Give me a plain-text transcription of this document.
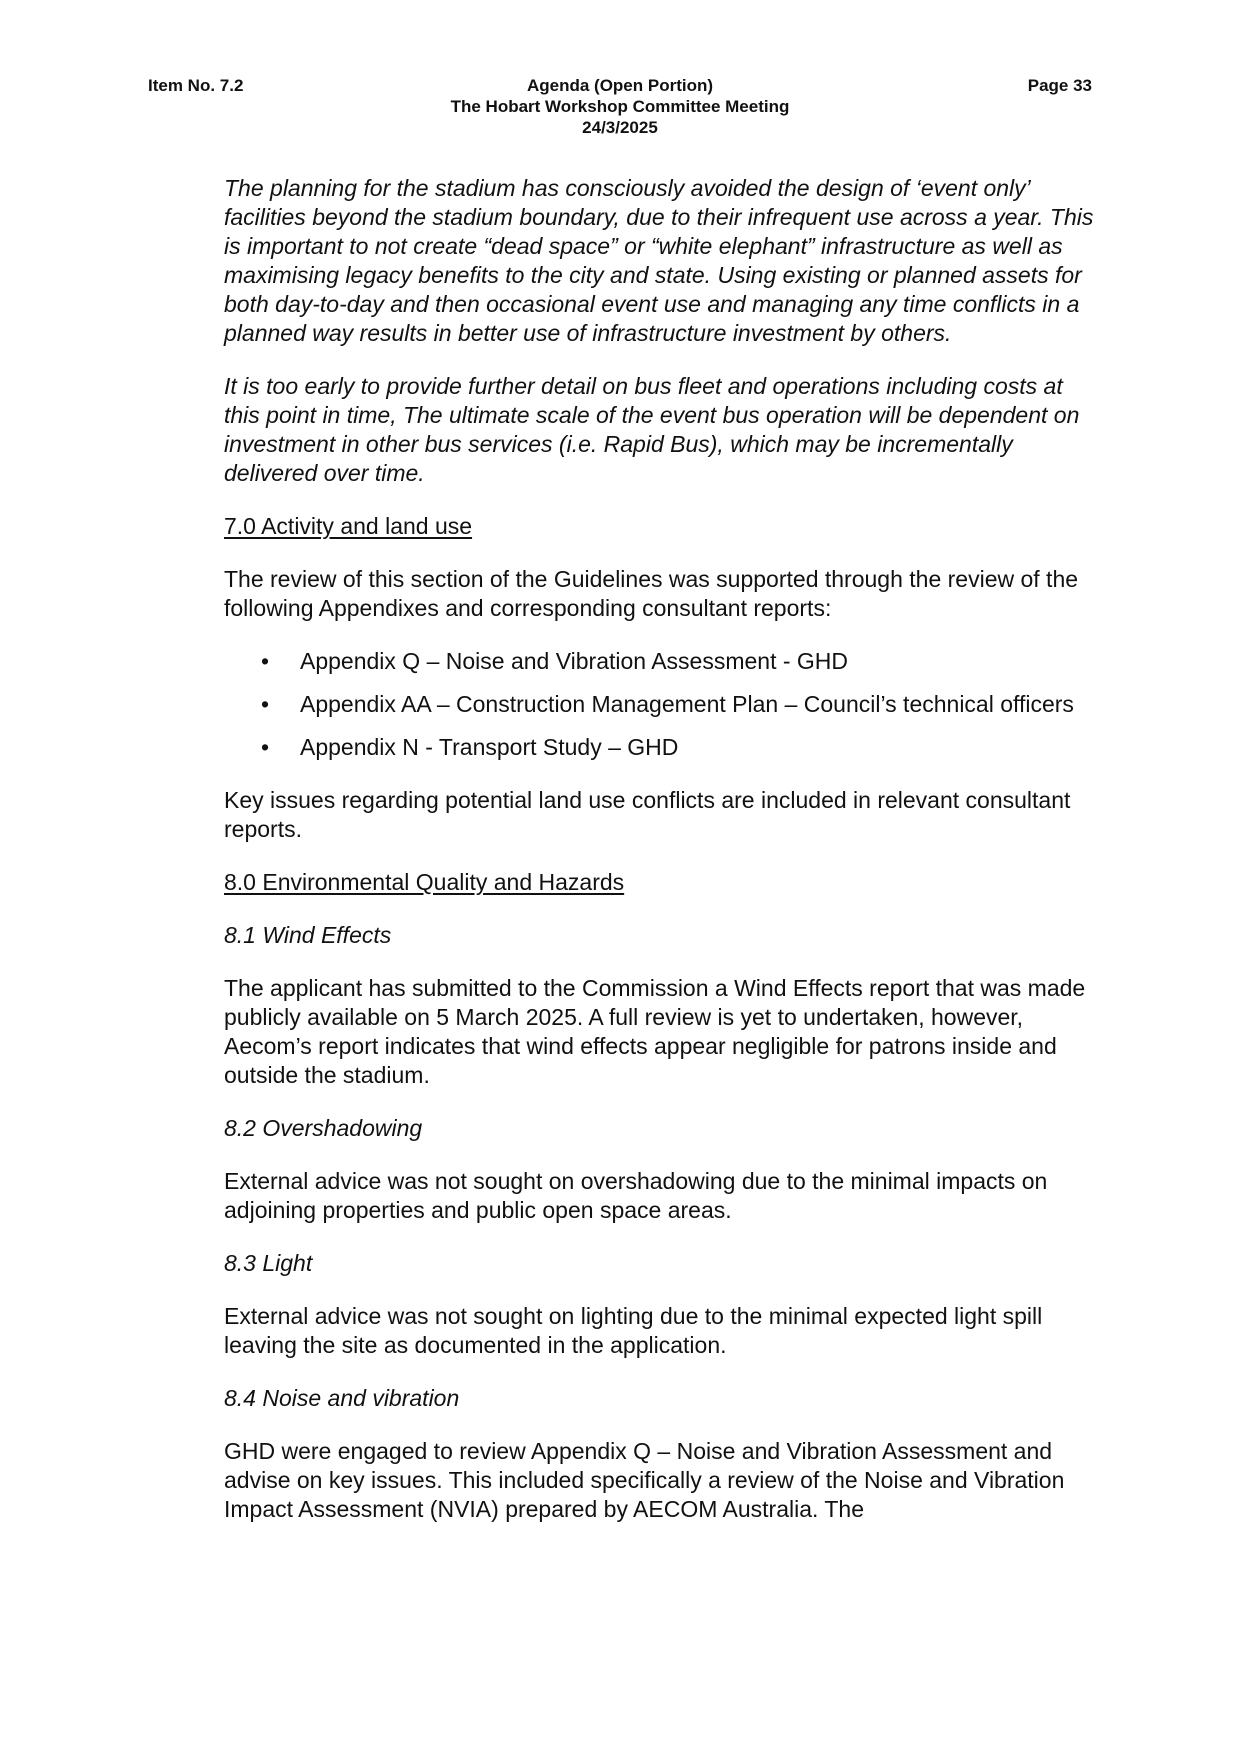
Item No. 7.2	Page 33
Agenda (Open Portion)
The Hobart Workshop Committee Meeting
24/3/2025

The planning for the stadium has consciously avoided the design of ‘event only’ facilities beyond the stadium boundary, due to their infrequent use across a year. This is important to not create “dead space” or “white elephant” infrastructure as well as maximising legacy benefits to the city and state. Using existing or planned assets for both day-to-day and then occasional event use and managing any time conflicts in a planned way results in better use of infrastructure investment by others.

It is too early to provide further detail on bus fleet and operations including costs at this point in time, The ultimate scale of the event bus operation will be dependent on investment in other bus services (i.e. Rapid Bus), which may be incrementally delivered over time.

7.0 Activity and land use

The review of this section of the Guidelines was supported through the review of the following Appendixes and corresponding consultant reports:

• Appendix Q – Noise and Vibration Assessment - GHD
• Appendix AA – Construction Management Plan – Council’s technical officers
• Appendix N - Transport Study – GHD

Key issues regarding potential land use conflicts are included in relevant consultant reports.

8.0 Environmental Quality and Hazards

8.1 Wind Effects

The applicant has submitted to the Commission a Wind Effects report that was made publicly available on 5 March 2025. A full review is yet to undertaken, however, Aecom’s report indicates that wind effects appear negligible for patrons inside and outside the stadium.

8.2 Overshadowing

External advice was not sought on overshadowing due to the minimal impacts on adjoining properties and public open space areas.

8.3 Light

External advice was not sought on lighting due to the minimal expected light spill leaving the site as documented in the application.

8.4 Noise and vibration

GHD were engaged to review Appendix Q – Noise and Vibration Assessment and advise on key issues. This included specifically a review of the Noise and Vibration Impact Assessment (NVIA) prepared by AECOM Australia. The
